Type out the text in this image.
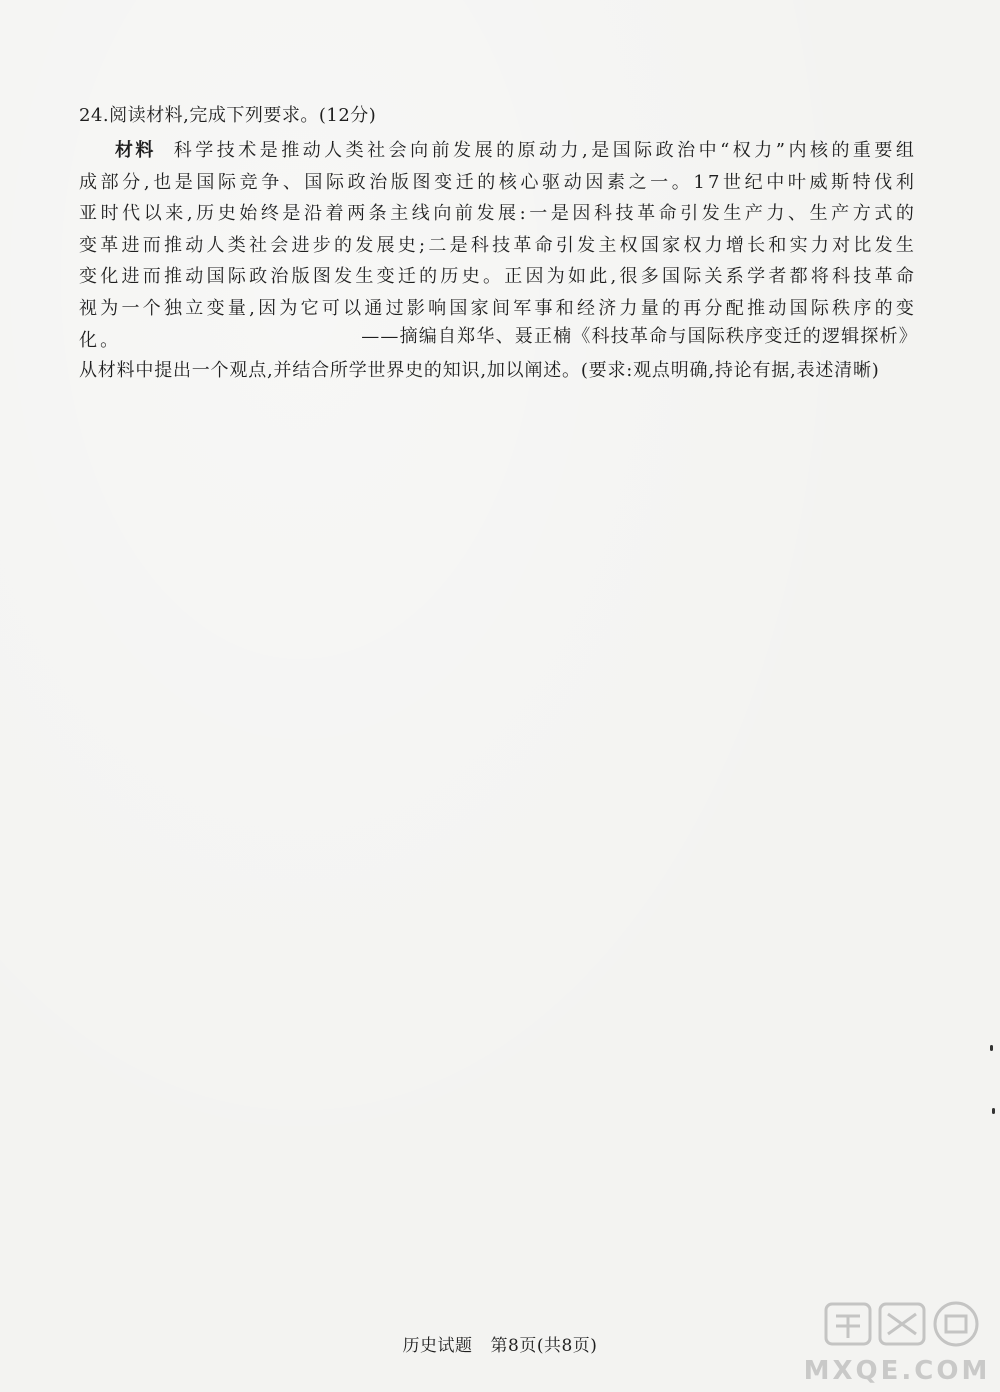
24.阅读材料,完成下列要求。(12分)
材料 科学技术是推动人类社会向前发展的原动力,是国际政治中“权力”内核的重要组成部分,也是国际竞争、国际政治版图变迁的核心驱动因素之一。17世纪中叶威斯特伐利亚时代以来,历史始终是沿着两条主线向前发展:一是因科技革命引发生产力、生产方式的变革进而推动人类社会进步的发展史;二是科技革命引发主权国家权力增长和实力对比发生变化进而推动国际政治版图发生变迁的历史。正因为如此,很多国际关系学者都将科技革命视为一个独立变量,因为它可以通过影响国家间军事和经济力量的再分配推动国际秩序的变化。	——摘编自郑华、聂正楠《科技革命与国际秩序变迁的逻辑探析》
从材料中提出一个观点,并结合所学世界史的知识,加以阐述。(要求:观点明确,持论有据,表述清晰)
历史试题 第8页(共8页)
MXQE.COM
